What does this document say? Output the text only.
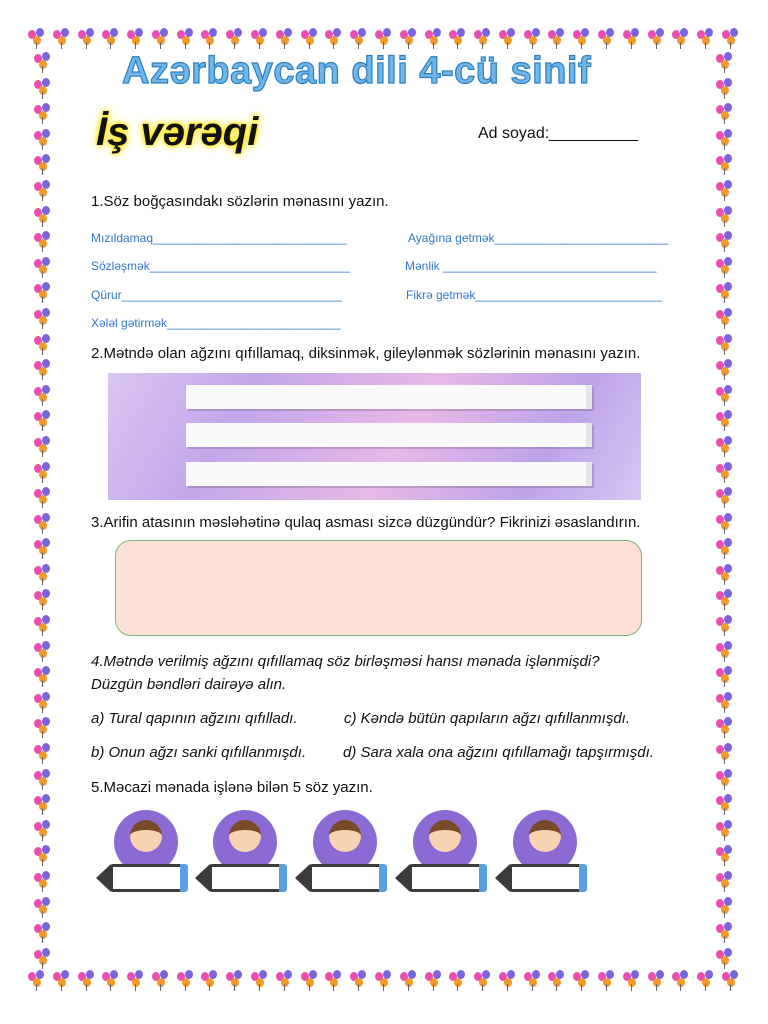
Azərbaycan dili 4-cü sinif
İş vərəqi	Ad soyad:__________
1.Söz boğçasındakı sözlərin mənasını yazın.
Mızıldamaq_____________________________	Ayağına getmək__________________________
Sözləşmək______________________________	Mənlik ________________________________
Qürur_________________________________	Fikrə getmək____________________________
Xələl gətirmək__________________________
2.Mətndə olan ağzını qıfıllamaq, diksinmək, gileylənmək sözlərinin mənasını yazın.
3.Arifin atasının məsləhətinə qulaq asması sizcə düzgündür? Fikrinizi əsaslandırın.
4.Mətndə verilmiş ağzını qıfıllamaq söz birləşməsi hansı mənada işlənmişdi?
Düzgün bəndləri dairəyə alın.
a) Tural qapının ağzını qıfılladı.	c) Kəndə bütün qapıların ağzı qıfıllanmışdı.
b) Onun ağzı sanki qıfıllanmışdı. d) Sara xala ona ağzını qıfıllamağı tapşırmışdı.
5.Məcazi mənada işlənə bilən 5 söz yazın.
